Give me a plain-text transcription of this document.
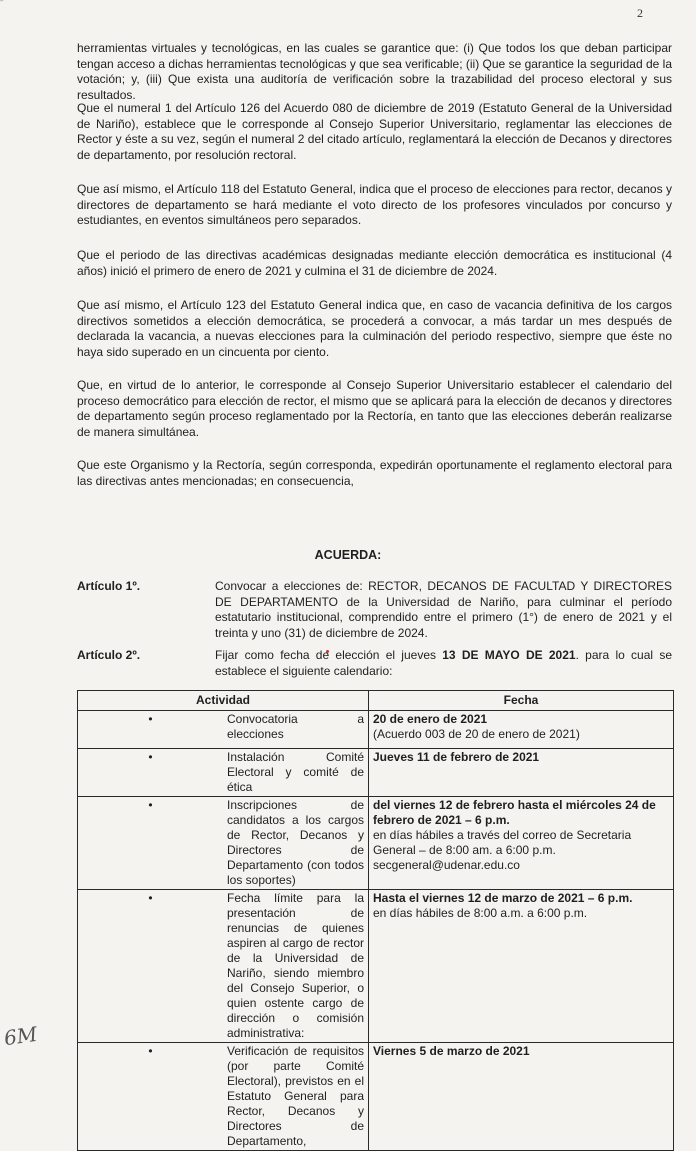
2

herramientas virtuales y tecnológicas, en las cuales se garantice que: (i) Que todos los que deban participar tengan acceso a dichas herramientas tecnológicas y que sea verificable; (ii) Que se garantice la seguridad de la votación; y, (iii) Que exista una auditoría de verificación sobre la trazabilidad del proceso electoral y sus resultados.

Que el numeral 1 del Artículo 126 del Acuerdo 080 de diciembre de 2019 (Estatuto General de la Universidad de Nariño), establece que le corresponde al Consejo Superior Universitario, reglamentar las elecciones de Rector y éste a su vez, según el numeral 2 del citado artículo, reglamentará la elección de Decanos y directores de departamento, por resolución rectoral.

Que así mismo, el Artículo 118 del Estatuto General, indica que el proceso de elecciones para rector, decanos y directores de departamento se hará mediante el voto directo de los profesores vinculados por concurso y estudiantes, en eventos simultáneos pero separados.

Que el periodo de las directivas académicas designadas mediante elección democrática es institucional (4 años) inició el primero de enero de 2021 y culmina el 31 de diciembre de 2024.

Que así mismo, el Artículo 123 del Estatuto General indica que, en caso de vacancia definitiva de los cargos directivos sometidos a elección democrática, se procederá a convocar, a más tardar un mes después de declarada la vacancia, a nuevas elecciones para la culminación del periodo respectivo, siempre que éste no haya sido superado en un cincuenta por ciento.

Que, en virtud de lo anterior, le corresponde al Consejo Superior Universitario establecer el calendario del proceso democrático para elección de rector, el mismo que se aplicará para la elección de decanos y directores de departamento según proceso reglamentado por la Rectoría, en tanto que las elecciones deberán realizarse de manera simultánea.

Que este Organismo y la Rectoría, según corresponda, expedirán oportunamente el reglamento electoral para las directivas antes mencionadas; en consecuencia,

ACUERDA:
Artículo 1º.	Convocar a elecciones de: RECTOR, DECANOS DE FACULTAD Y DIRECTORES DE DEPARTAMENTO de la Universidad de Nariño, para culminar el período estatutario institucional, comprendido entre el primero (1°) de enero de 2021 y el treinta y uno (31) de diciembre de 2024.
Artículo 2º.	Fijar como fecha de elección el jueves 13 DE MAYO DE 2021. para lo cual se establece el siguiente calendario:
Actividad		Fecha
•	Convocatoria a elecciones	20 de enero de 2021
(Acuerdo 003 de 20 de enero de 2021)

•	Instalación Comité Electoral y comité de ética	Jueves 11 de febrero de 2021

•	Inscripciones de candidatos a los cargos de Rector, Decanos y Directores de Departamento (con todos los soportes)	del viernes 12 de febrero hasta el miércoles 24 de febrero de 2021 – 6 p.m.
en días hábiles a través del correo de Secretaria General – de 8:00 am. a 6:00 p.m.
secgeneral@udenar.edu.co

•	Fecha límite para la presentación de renuncias de quienes aspiren al cargo de rector de la Universidad de Nariño, siendo miembro del Consejo Superior, o quien ostente cargo de dirección o comisión administrativa:	Hasta el viernes 12 de marzo de 2021 – 6 p.m.
en días hábiles de 8:00 a.m. a 6:00 p.m.

•	Verificación de requisitos (por parte Comité Electoral), previstos en el Estatuto General para Rector, Decanos y Directores de Departamento,	Viernes 5 de marzo de 2021
6M
